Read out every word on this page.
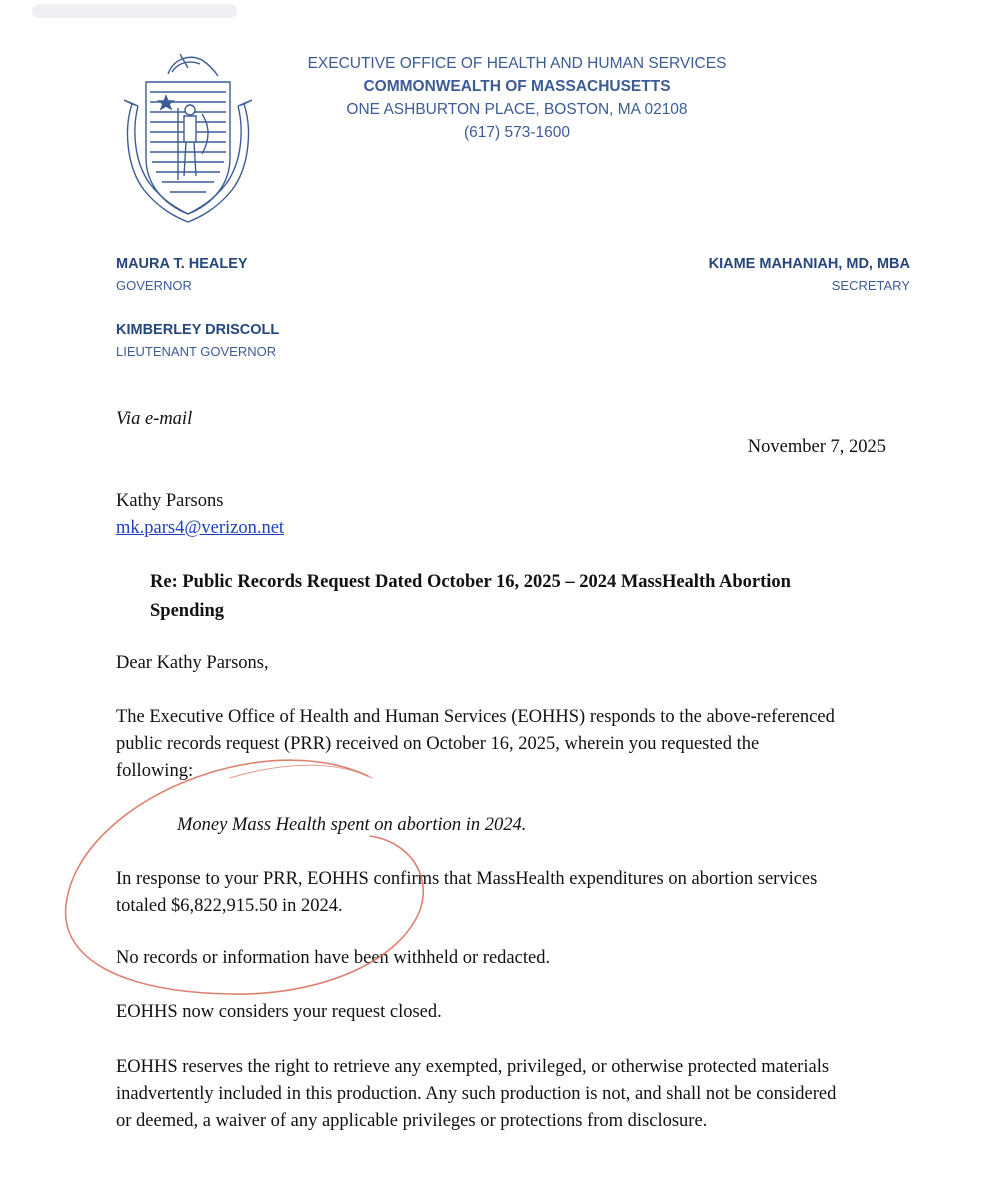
EXECUTIVE OFFICE OF HEALTH AND HUMAN SERVICES
COMMONWEALTH OF MASSACHUSETTS
ONE ASHBURTON PLACE, BOSTON, MA 02108
(617) 573-1600
MAURA T. HEALEY
GOVERNOR
KIMBERLEY DRISCOLL
LIEUTENANT GOVERNOR
KIAME MAHANIAH, MD, MBA
SECRETARY
Via e-mail
November 7, 2025
Kathy Parsons
mk.pars4@verizon.net
Re: Public Records Request Dated October 16, 2025 – 2024 MassHealth Abortion
Spending
Dear Kathy Parsons,
The Executive Office of Health and Human Services (EOHHS) responds to the above-referenced
public records request (PRR) received on October 16, 2025, wherein you requested the
following:
Money Mass Health spent on abortion in 2024.
In response to your PRR, EOHHS confirms that MassHealth expenditures on abortion services
totaled $6,822,915.50 in 2024.
No records or information have been withheld or redacted.
EOHHS now considers your request closed.
EOHHS reserves the right to retrieve any exempted, privileged, or otherwise protected materials
inadvertently included in this production. Any such production is not, and shall not be considered
or deemed, a waiver of any applicable privileges or protections from disclosure.
